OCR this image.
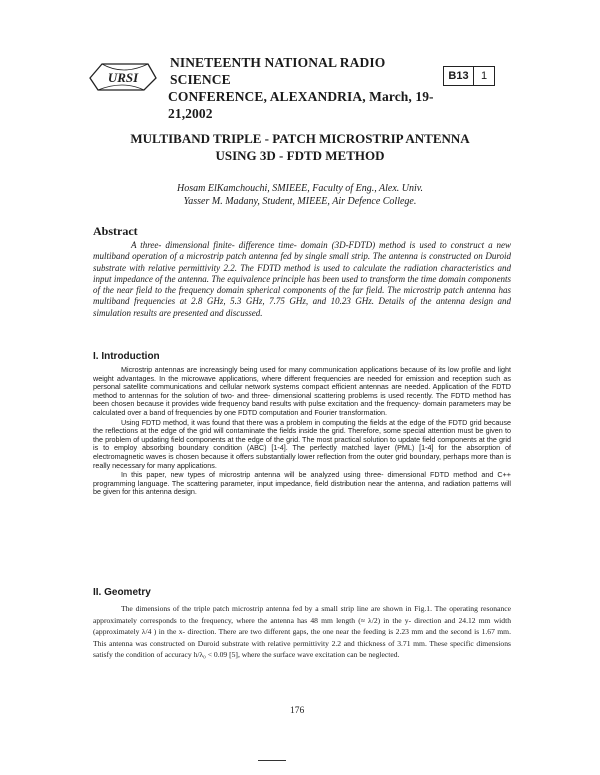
URSI
NINETEENTH NATIONAL RADIO SCIENCE
CONFERENCE, ALEXANDRIA, March, 19-21,2002
B13	1
MULTIBAND TRIPLE - PATCH MICROSTRIP ANTENNA
USING 3D - FDTD METHOD
Hosam ElKamchouchi, SMIEEE, Faculty of Eng., Alex. Univ.
Yasser M. Madany, Student, MIEEE, Air Defence College.
Abstract

A three- dimensional finite- difference time- domain (3D-FDTD) method is used to construct a new multiband operation of a microstrip patch antenna fed by single small strip. The antenna is constructed on Duroid substrate with relative permittivity 2.2. The FDTD method is used to calculate the radiation characteristics and input impedance of the antenna. The equivalence principle has been used to transform the time domain components of the near field to the frequency domain spherical components of the far field. The microstrip patch antenna has multiband frequencies at 2.8 GHz, 5.3 GHz, 7.75 GHz, and 10.23 GHz. Details of the antenna design and simulation results are presented and discussed.

I. Introduction

Microstrip antennas are increasingly being used for many communication applications because of its low profile and light weight advantages. In the microwave applications, where different frequencies are needed for emission and reception such as personal satellite communications and cellular network systems compact efficient antennas are needed. Application of the FDTD method to antennas for the solution of two- and three- dimensional scattering problems is used recently. The FDTD method has been chosen because it provides wide frequency band results with pulse excitation and the frequency- domain parameters may be calculated over a band of frequencies by one FDTD computation and Fourier transformation.

Using FDTD method, it was found that there was a problem in computing the fields at the edge of the FDTD grid because the reflections at the edge of the grid will contaminate the fields inside the grid. Therefore, some special attention must be given to the problem of updating field components at the edge of the grid. The most practical solution to update field components at the grid is to employ absorbing boundary condition (ABC) [1-4]. The perfectly matched layer (PML) [1-4] for the absorption of electromagnetic waves is chosen because it offers substantially lower reflection from the outer grid boundary, perhaps more than is really necessary for many applications.

In this paper, new types of microstrip antenna will be analyzed using three- dimensional FDTD method and C++ programming language. The scattering parameter, input impedance, field distribution near the antenna, and radiation patterns will be given for this antenna design.

II. Geometry

The dimensions of the triple patch microstrip antenna fed by a small strip line are shown in Fig.1. The operating resonance approximately corresponds to the frequency, where the antenna has 48 mm length (≈ λ/2) in the y- direction and 24.12 mm width (approximately λ/4 ) in the x- direction. There are two different gaps, the one near the feeding is 2.23 mm and the second is 1.67 mm. This antenna was constructed on Duroid substrate with relative permittivity 2.2 and thickness of 3.71 mm. These specific dimensions satisfy the condition of accuracy h/λ₀ < 0.09 [5], where the surface wave excitation can be neglected.

176
